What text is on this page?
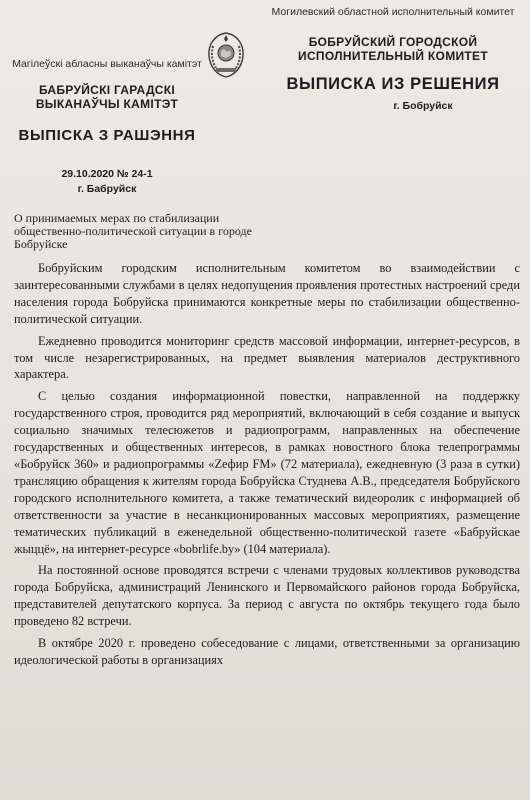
Магілеўскі абласны выканаўчы камітэт
БАБРУЙСКІ ГАРАДСКІ ВЫКАНАЎЧЫ КАМІТЭТ
ВЫПІСКА З РАШЭННЯ
29.10.2020 № 24-1
г. Бабруйск
Могилевский областной исполнительный комитет
БОБРУЙСКИЙ ГОРОДСКОЙ ИСПОЛНИТЕЛЬНЫЙ КОМИТЕТ
ВЫПИСКА ИЗ РЕШЕНИЯ
г. Бобруйск
О принимаемых мерах по стабилизации общественно-политической ситуации в городе Бобруйске

Бобруйским городским исполнительным комитетом во взаимодействии с заинтересованными службами в целях недопущения проявления протестных настроений среди населения города Бобруйска принимаются конкретные меры по стабилизации общественно-политической ситуации.

Ежедневно проводится мониторинг средств массовой информации, интернет-ресурсов, в том числе незарегистрированных, на предмет выявления материалов деструктивного характера.

С целью создания информационной повестки, направленной на поддержку государственного строя, проводится ряд мероприятий, включающий в себя создание и выпуск социально значимых телесюжетов и радиопрограмм, направленных на обеспечение государственных и общественных интересов, в рамках новостного блока телепрограммы «Бобруйск 360» и радиопрограммы «Zефир FM» (72 материала), ежедневную (3 раза в сутки) трансляцию обращения к жителям города Бобруйска Студнева А.В., председателя Бобруйского городского исполнительного комитета, а также тематический видеоролик с информацией об ответственности за участие в несанкционированных массовых мероприятиях, размещение тематических публикаций в еженедельной общественно-политической газете «Бабруйскае жыццё», на интернет-ресурсе «bobrlife.by» (104 материала).

На постоянной основе проводятся встречи с членами трудовых коллективов руководства города Бобруйска, администраций Ленинского и Первомайского районов города Бобруйска, представителей депутатского корпуса. За период с августа по октябрь текущего года было проведено 82 встречи.

В октябре 2020 г. проведено собеседование с лицами, ответственными за организацию идеологической работы в организациях
